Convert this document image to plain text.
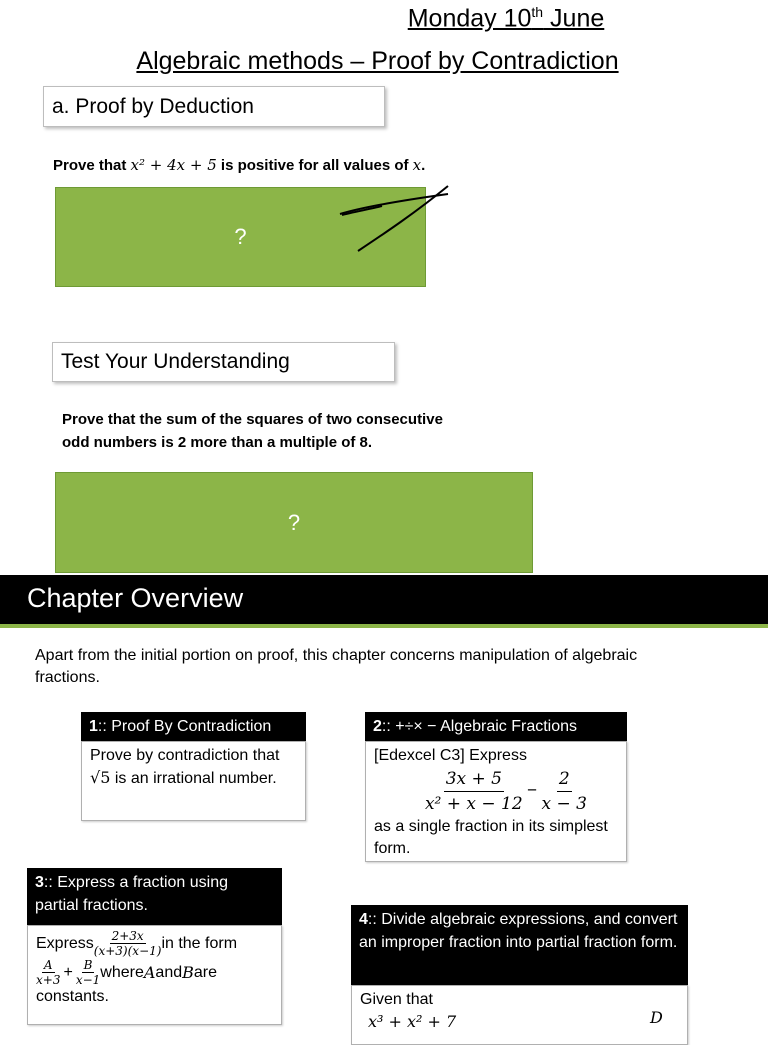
Monday 10th June
Algebraic methods – Proof by Contradiction
a. Proof by Deduction
Prove that x² + 4x + 5 is positive for all values of x.
?
Test Your Understanding
Prove that the sum of the squares of two consecutive
odd numbers is 2 more than a multiple of 8.
?
Chapter Overview
Apart from the initial portion on proof, this chapter concerns manipulation of algebraic fractions.
1:: Proof By Contradiction
Prove by contradiction that √5 is an irrational number.
2:: +÷× − Algebraic Fractions
[Edexcel C3] Express
$\frac{3x + 5}{\text{x² + x − 12}} - \frac{2}{x - 3}$
as a single fraction in its simplest form.
3:: Express a fraction using partial fractions.
Express $\frac{2+3x}{(x+3)(x-1)}$ in the form
$\frac{A}{x+3} + \frac{B}{x-1}$ where A and B are
constants.
4:: Divide algebraic expressions, and convert an improper fraction into partial fraction form.
Given that
x³ + x² + 7	D
